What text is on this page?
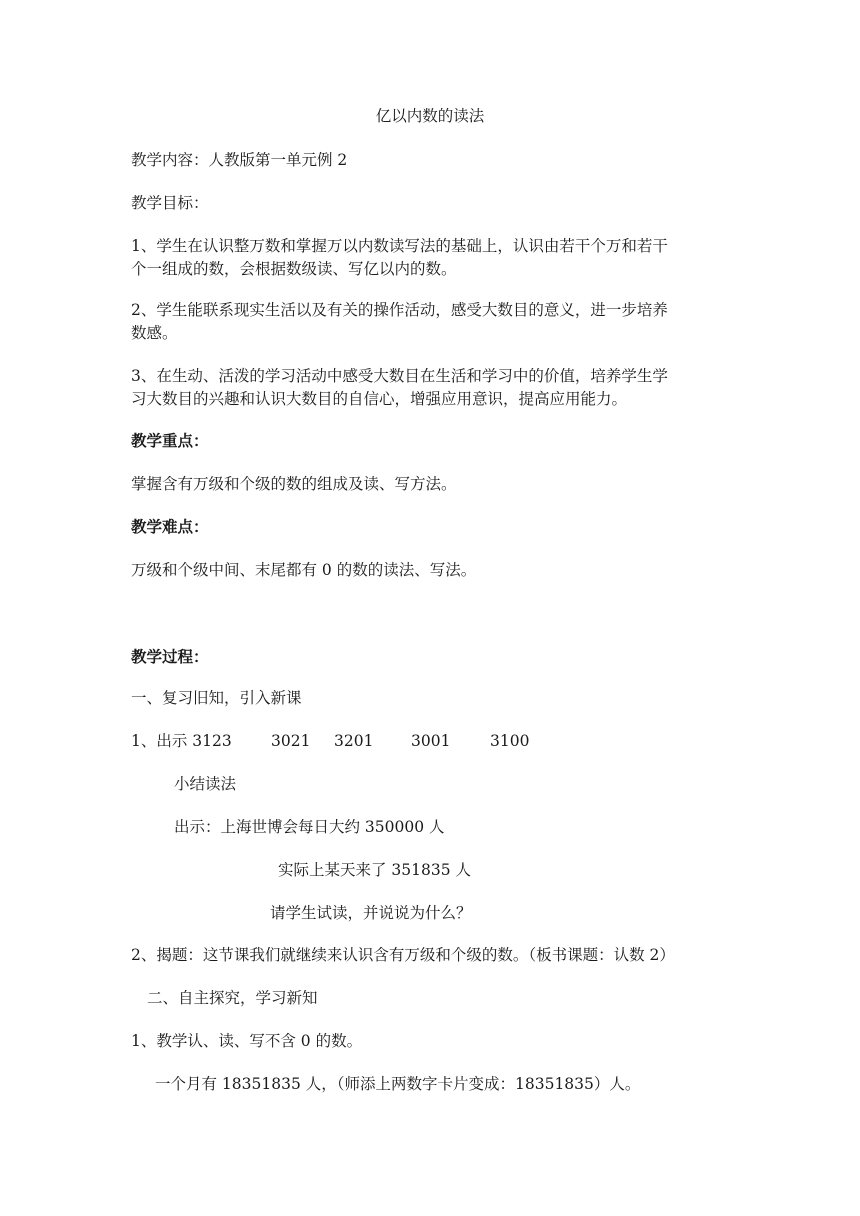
亿以内数的读法
教学内容：人教版第一单元例 2
教学目标：
1、学生在认识整万数和掌握万以内数读写法的基础上，认识由若干个万和若干
个一组成的数，会根据数级读、写亿以内的数。
2、学生能联系现实生活以及有关的操作活动，感受大数目的意义，进一步培养
数感。
3、在生动、活泼的学习活动中感受大数目在生活和学习中的价值，培养学生学
习大数目的兴趣和认识大数目的自信心，增强应用意识，提高应用能力。
教学重点：
掌握含有万级和个级的数的组成及读、写方法。
教学难点：
万级和个级中间、末尾都有 0 的数的读法、写法。
教学过程：
一、复习旧知，引入新课
1、出示 3123	3021 3201 3001	3100
小结读法
出示：上海世博会每日大约 350000 人
实际上某天来了 351835 人
请学生试读，并说说为什么？
2、揭题：这节课我们就继续来认识含有万级和个级的数。（板书课题：认数 2）
二、自主探究，学习新知
1、教学认、读、写不含 0 的数。
一个月有 18351835 人，（师添上两数字卡片变成：18351835）人。
